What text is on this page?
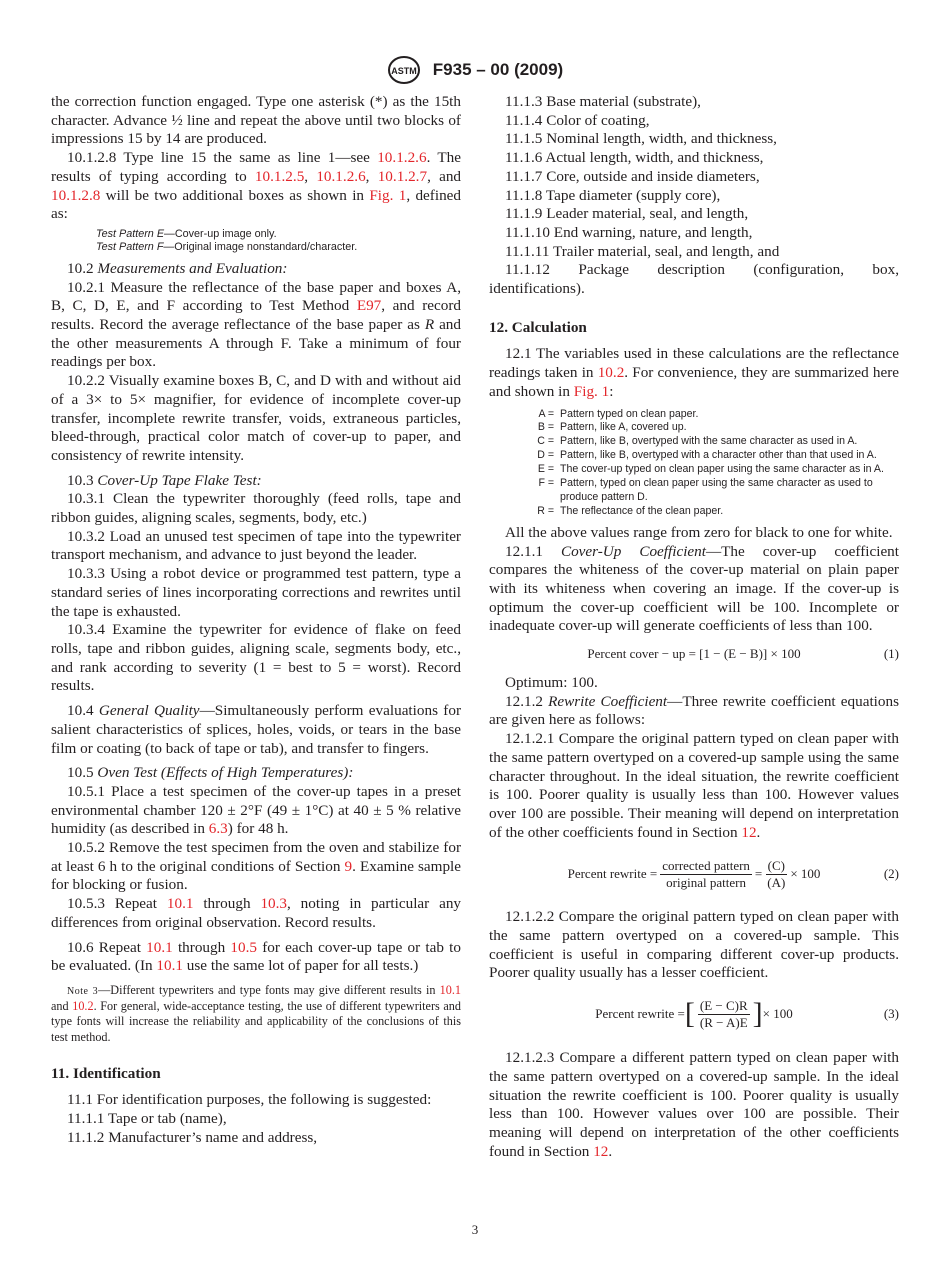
ASTM F935 – 00 (2009)

the correction function engaged. Type one asterisk (*) as the 15th character. Advance ½ line and repeat the above until two blocks of impressions 15 by 14 are produced.

10.1.2.8 Type line 15 the same as line 1—see 10.1.2.6. The results of typing according to 10.1.2.5, 10.1.2.6, 10.1.2.7, and 10.1.2.8 will be two additional boxes as shown in Fig. 1, defined as:

Test Pattern E—Cover-up image only.
Test Pattern F—Original image nonstandard/character.

10.2 Measurements and Evaluation:

10.2.1 Measure the reflectance of the base paper and boxes A, B, C, D, E, and F according to Test Method E97, and record results. Record the average reflectance of the base paper as R and the other measurements A through F. Take a minimum of four readings per box.

10.2.2 Visually examine boxes B, C, and D with and without aid of a 3× to 5× magnifier, for evidence of incomplete cover-up transfer, incomplete rewrite transfer, voids, extraneous particles, bleed-through, practical color match of cover-up to paper, and consistency of rewrite intensity.

10.3 Cover-Up Tape Flake Test:

10.3.1 Clean the typewriter thoroughly (feed rolls, tape and ribbon guides, aligning scales, segments, body, etc.)

10.3.2 Load an unused test specimen of tape into the typewriter transport mechanism, and advance to just beyond the leader.

10.3.3 Using a robot device or programmed test pattern, type a standard series of lines incorporating corrections and rewrites until the tape is exhausted.

10.3.4 Examine the typewriter for evidence of flake on feed rolls, tape and ribbon guides, aligning scale, segments body, etc., and rank according to severity (1 = best to 5 = worst). Record results.

10.4 General Quality—Simultaneously perform evaluations for salient characteristics of splices, holes, voids, or tears in the base film or coating (to back of tape or tab), and transfer to fingers.

10.5 Oven Test (Effects of High Temperatures):

10.5.1 Place a test specimen of the cover-up tapes in a preset environmental chamber 120 ± 2°F (49 ± 1°C) at 40 ± 5 % relative humidity (as described in 6.3) for 48 h.

10.5.2 Remove the test specimen from the oven and stabilize for at least 6 h to the original conditions of Section 9. Examine sample for blocking or fusion.

10.5.3 Repeat 10.1 through 10.3, noting in particular any differences from original observation. Record results.

10.6 Repeat 10.1 through 10.5 for each cover-up tape or tab to be evaluated. (In 10.1 use the same lot of paper for all tests.)

Note 3—Different typewriters and type fonts may give different results in 10.1 and 10.2. For general, wide-acceptance testing, the use of different typewriters and type fonts will increase the reliability and applicability of the conclusions of this test method.

11. Identification

11.1 For identification purposes, the following is suggested:

11.1.1 Tape or tab (name),

11.1.2 Manufacturer’s name and address,

11.1.3 Base material (substrate),

11.1.4 Color of coating,

11.1.5 Nominal length, width, and thickness,

11.1.6 Actual length, width, and thickness,

11.1.7 Core, outside and inside diameters,

11.1.8 Tape diameter (supply core),

11.1.9 Leader material, seal, and length,

11.1.10 End warning, nature, and length,

11.1.11 Trailer material, seal, and length, and

11.1.12 Package description (configuration, box, identifications).

12. Calculation

12.1 The variables used in these calculations are the reflectance readings taken in 10.2. For convenience, they are summarized here and shown in Fig. 1:

A = Pattern typed on clean paper.
B = Pattern, like A, covered up.
C = Pattern, like B, overtyped with the same character as used in A.
D = Pattern, like B, overtyped with a character other than that used in A.
E = The cover-up typed on clean paper using the same character as in A.
F = Pattern, typed on clean paper using the same character as used to produce pattern D.
R = The reflectance of the clean paper.

All the above values range from zero for black to one for white.

12.1.1 Cover-Up Coefficient—The cover-up coefficient compares the whiteness of the cover-up material on plain paper with its whiteness when covering an image. If the cover-up is optimum the cover-up coefficient will be 100. Incomplete or inadequate cover-up will generate coefficients of less than 100.

Percent cover − up = [1 − (E − B)] × 100	(1)

Optimum: 100.

12.1.2 Rewrite Coefficient—Three rewrite coefficient equations are given here as follows:

12.1.2.1 Compare the original pattern typed on clean paper with the same pattern overtyped on a covered-up sample using the same character throughout. In the ideal situation, the rewrite coefficient is 100. Poorer quality is usually less than 100. However values over 100 are possible. Their meaning will depend on interpretation of the other coefficients found in Section 12.

Percent rewrite = $\frac{\text{corrected pattern}}{\text{original pattern}} = \frac{(C)}{(A)} \times 100$	(2)

12.1.2.2 Compare the original pattern typed on clean paper with the same pattern overtyped on a covered-up sample. This coefficient is useful in comparing different cover-up products. Poorer quality usually has a lesser coefficient.

Percent rewrite = [ $\frac{(E - C)R}{(R - A)E}$ ] × 100	(3)

12.1.2.3 Compare a different pattern typed on clean paper with the same pattern overtyped on a covered-up sample. In the ideal situation the rewrite coefficient is 100. Poorer quality is usually less than 100. However values over 100 are possible. Their meaning will depend on interpretation of the other coefficients found in Section 12.

3
